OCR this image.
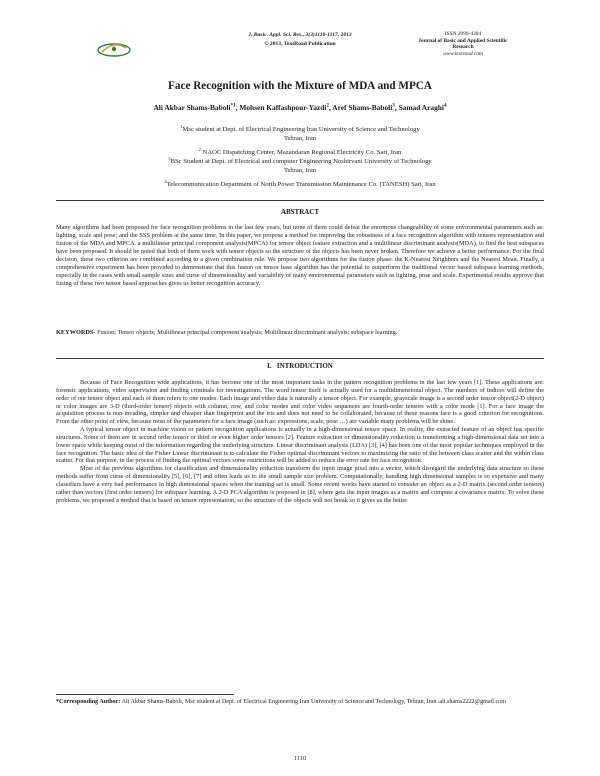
J. Basic. Appl. Sci. Res., 3(3)1110-1117, 2013
© 2013, TextRoad Publication
ISSN 2090-4304
Journal of Basic and Applied Scientific Research
www.textroad.com
Face Recognition with the Mixture of MDA and MPCA
Ali Akbar Shams-Baboli$^{*1}$, Mohsen Kaffashpour-Yazdi$^2$, Aref Shams-Baboli$^3$, Samad Araghi$^4$
$^1$Msc student at Dept. of Electrical Engineering Iran University of Science and Technology
Tehran, Iran
$^2$ NAOC Dispatching Center, Mazandaran Regional Electricity Co. Sari, Iran
$^3$BSc Student at Dept. of Electrical and computer Engineering Noshirvani University of Technology
Tehran, Iran
$^4$Telecommunication Department of North Power Transmission Maintenance Co. (TANESH) Sari, Iran
ABSTRACT
Many algorithms had been proposed for face recognition problems in the last few years, but none of them could defeat the enormous changeability of some environmental parameters such as: lighting, scale and pose; and the SSS problem at the same time. In this paper, we propose a method for improving the robustness of a face recognition algorithm with tensors representation and fusion of the MDA and MPCA. a multilinear principal component analysis(MPCA) for tensor object feature extraction and a multilinear discriminant analysis(MDA), to find the best subspaces have been proposed. It should be noted that both of them work with tensor objects so the structure of the objects has been never broken. Therefore we achieve a better performance. For the final decision, these two criterion are combined according to a given combination rule. We propose two algorithms for the fusion phase: the K-Nearest Neighbors and the Nearest Mean. Finally, a comprehensive experiment has been provided to demonstrate that this fusion on tensor base algorithm has the potential to outperform the traditional vector based subspace learning methods, especially in the cases with small sample sizes and curse of dimensionality and variability of many environmental parameters such as lighting, pose and scale. Experimental results approve that fusing of these two tensor based approaches gives us better recognition accuracy.
KEYWORDS- Fusion; Tensor objects; Multilinear principal component analysis; Multilinear discriminant analysis; subspace learning.
I. INTRODUCTION

Because of Face Recognition wide applications, it has become one of the most important tasks in the pattern recognition problems in the last few years [1]. These applications are: forensic applications, video supervision and finding criminals for investigations. The word tensor itself is actually used for a multidimensional object. The numbers of indices will define the order of our tensor object and each of them refers to one modes. Each image and video data is naturally a tensor object. For example, grayscale image is a second order tensor object(2-D object) or color images are 3-D (third-order tensor) objects with column, row, and color modes and color video sequences are fourth-order tensors with a color mode [1]. For a face image the acquisition process is non-invading, simpler and cheaper than fingerprint and the iris and does not need to be collaborated, because of these reasons face is a good criterion for recognitions. From the other point of view, because most of the parameters for a face image (such as: expressions, scale, pose …) are variable many problems will be shine.

A typical tensor object in machine vision or pattern recognition applications is actually in a high-dimensional tensor space. In reality, the extracted feature of an object has specific structures. Some of them are in second order tensor or third or even higher order tensors [2]. Feature extraction or dimensionality reduction is transforming a high-dimensional data set into a lower space while keeping most of the information regarding the underlying structure. Linear discriminant analysis (LDA) [3], [4] has been one of the most popular techniques employed in the face recognition. The basic idea of the Fisher Linear discriminant is to calculate the Fisher optimal discriminant vectors to maximizing the ratio of the between class scatter and the within class scatter. For that purpose, in the process of finding the optimal vectors some restrictions will be added to reduce the error rate for face recognition.

Most of the previous algorithms for classification and dimensionality reduction transform the input image pixel into a vector, which disregard the underlying data structure so these methods suffer from curse of dimensionality [5], [6], [7] and often leads us to the small sample size problem. Computationally, handling high dimensional samples is so expensive and many classifiers have a very bad performance in high dimensional spaces when the training set is small. Some recent works have started to consider an object as a 2-D matrix (second order tensors) rather than vectors (first order tensors) for subspace learning. A 2-D PCA algorithm is proposed in [8], where gets the input images as a matrix and compute a covariance matrix. To solve these problems, we proposed a method that is based on tensor representation, so the structure of the objects will not break so it gives us the better

*Corresponding Author: Ali Akbar Shams-Baboli, Msc student at Dept. of Electrical Engineering Iran University of Science and Technology, Tehran, Iran .ali.shams2222@gmail.com
1110
